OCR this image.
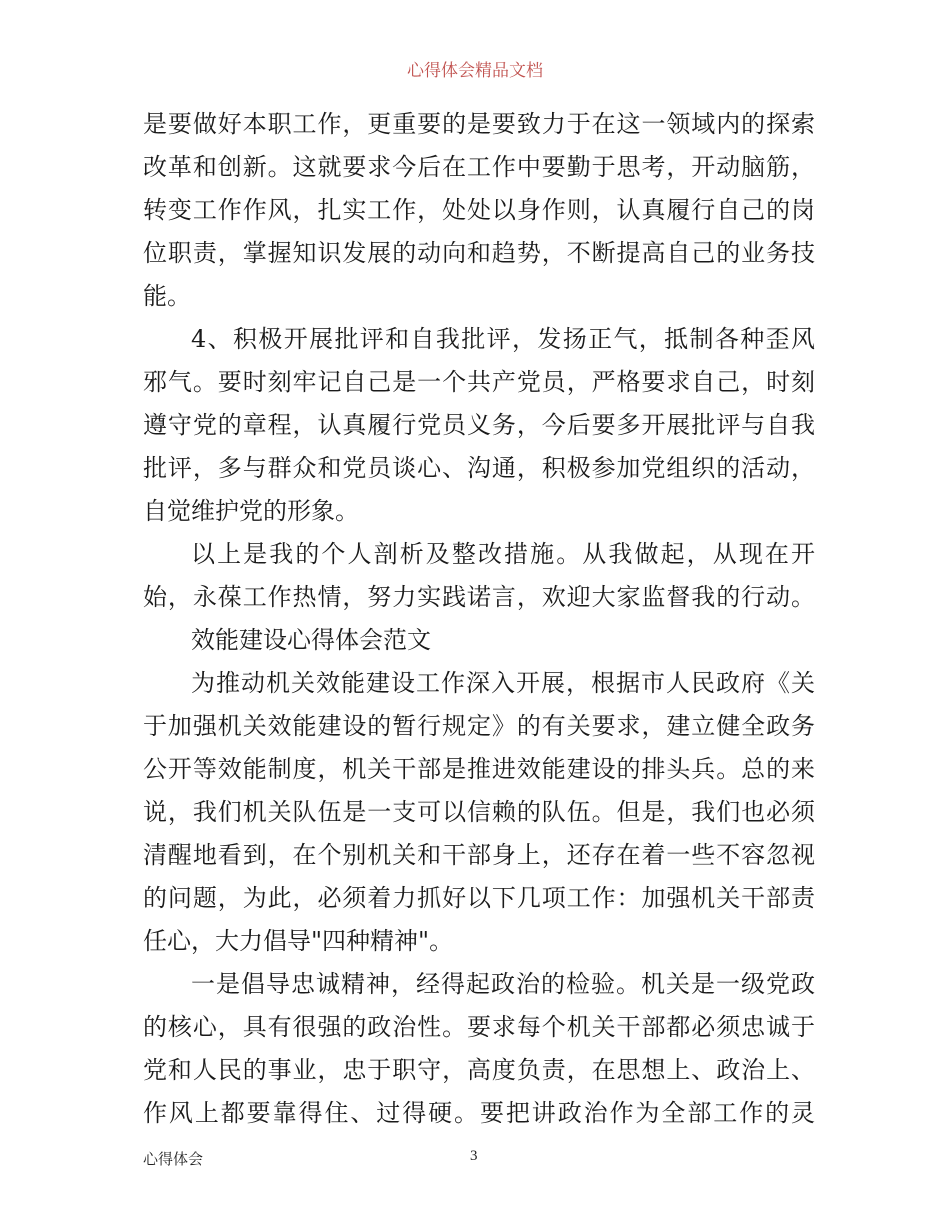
心得体会精品文档
是要做好本职工作，更重要的是要致力于在这一领域内的探索
改革和创新。这就要求今后在工作中要勤于思考，开动脑筋，
转变工作作风，扎实工作，处处以身作则，认真履行自己的岗
位职责，掌握知识发展的动向和趋势，不断提高自己的业务技
能。
4、积极开展批评和自我批评，发扬正气，抵制各种歪风
邪气。要时刻牢记自己是一个共产党员，严格要求自己，时刻
遵守党的章程，认真履行党员义务，今后要多开展批评与自我
批评，多与群众和党员谈心、沟通，积极参加党组织的活动，
自觉维护党的形象。
以上是我的个人剖析及整改措施。从我做起，从现在开
始，永葆工作热情，努力实践诺言，欢迎大家监督我的行动。
效能建设心得体会范文
为推动机关效能建设工作深入开展，根据市人民政府《关
于加强机关效能建设的暂行规定》的有关要求，建立健全政务
公开等效能制度，机关干部是推进效能建设的排头兵。总的来
说，我们机关队伍是一支可以信赖的队伍。但是，我们也必须
清醒地看到，在个别机关和干部身上，还存在着一些不容忽视
的问题，为此，必须着力抓好以下几项工作：加强机关干部责
任心，大力倡导"四种精神"。
一是倡导忠诚精神，经得起政治的检验。机关是一级党政
的核心，具有很强的政治性。要求每个机关干部都必须忠诚于
党和人民的事业，忠于职守，高度负责，在思想上、政治上、
作风上都要靠得住、过得硬。要把讲政治作为全部工作的灵
心得体会	3
